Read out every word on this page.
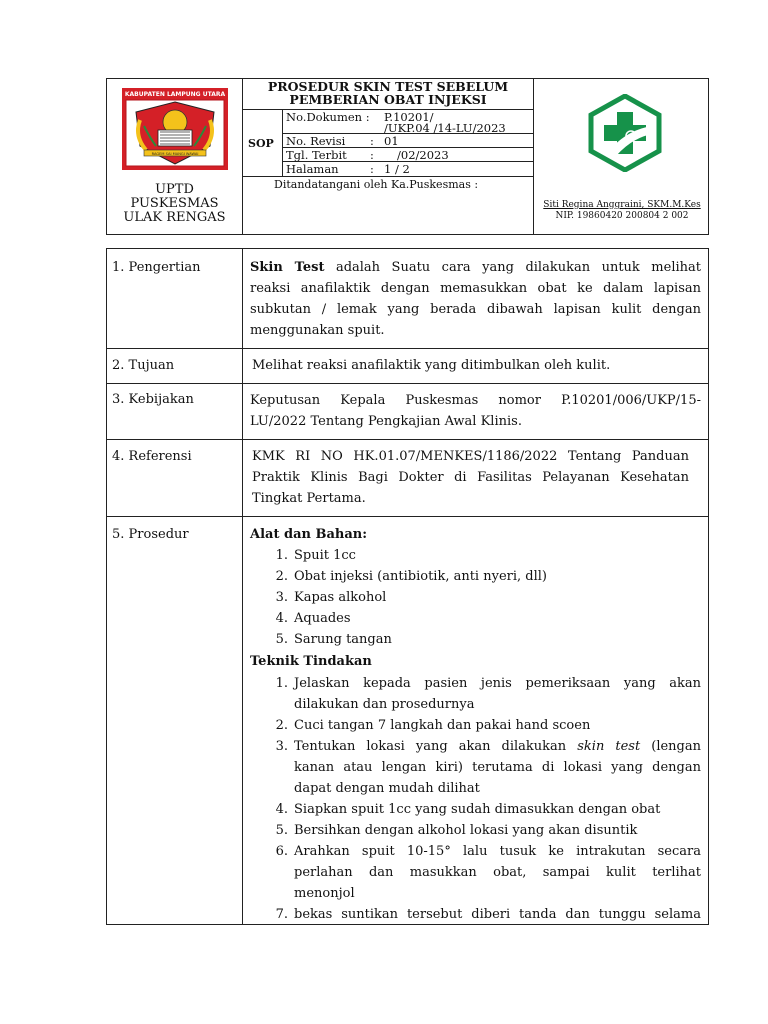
KABUPATEN LAMPUNG UTARA
RAGEM SAI MANGI WAWAI
UPTD
PUSKESMAS
ULAK RENGAS
PROSEDUR SKIN TEST SEBELUM
PEMBERIAN OBAT INJEKSI
SOP
No.Dokumen : P.10201/
/UKP.04 /14-LU/2023
No. Revisi : 01
Tgl. Terbit : /02/2023
Halaman	: 1 / 2
Ditandatangani oleh Ka.Puskesmas :
Siti Regina Anggraini, SKM.M.Kes
NIP. 19860420 200804 2 002
1. Pengertian	Skin Test adalah Suatu cara yang dilakukan untuk melihat
reaksi anafilaktik dengan memasukkan obat ke dalam lapisan
subkutan / lemak yang berada dibawah lapisan kulit dengan
menggunakan spuit.
2. Tujuan	Melihat reaksi anafilaktik yang ditimbulkan oleh kulit.
3. Kebijakan	Keputusan Kepala Puskesmas nomor P.10201/006/UKP/15-
LU/2022 Tentang Pengkajian Awal Klinis.
4. Referensi	KMK RI NO HK.01.07/MENKES/1186/2022 Tentang Panduan
Praktik Klinis Bagi Dokter di Fasilitas Pelayanan Kesehatan
Tingkat Pertama.
5. Prosedur	Alat dan Bahan:
1. Spuit 1cc
2. Obat injeksi (antibiotik, anti nyeri, dll)
3. Kapas alkohol
4. Aquades
5. Sarung tangan
Teknik Tindakan
1. Jelaskan kepada pasien jenis pemeriksaan yang akan
dilakukan dan prosedurnya
2. Cuci tangan 7 langkah dan pakai hand scoen
3. Tentukan lokasi yang akan dilakukan skin test (lengan
kanan atau lengan kiri) terutama di lokasi yang dengan
dapat dengan mudah dilihat
4. Siapkan spuit 1cc yang sudah dimasukkan dengan obat
5. Bersihkan dengan alkohol lokasi yang akan disuntik
6. Arahkan spuit 10-15° lalu tusuk ke intrakutan secara
perlahan dan masukkan obat, sampai kulit terlihat
menonjol
7. bekas suntikan tersebut diberi tanda dan tunggu selama
